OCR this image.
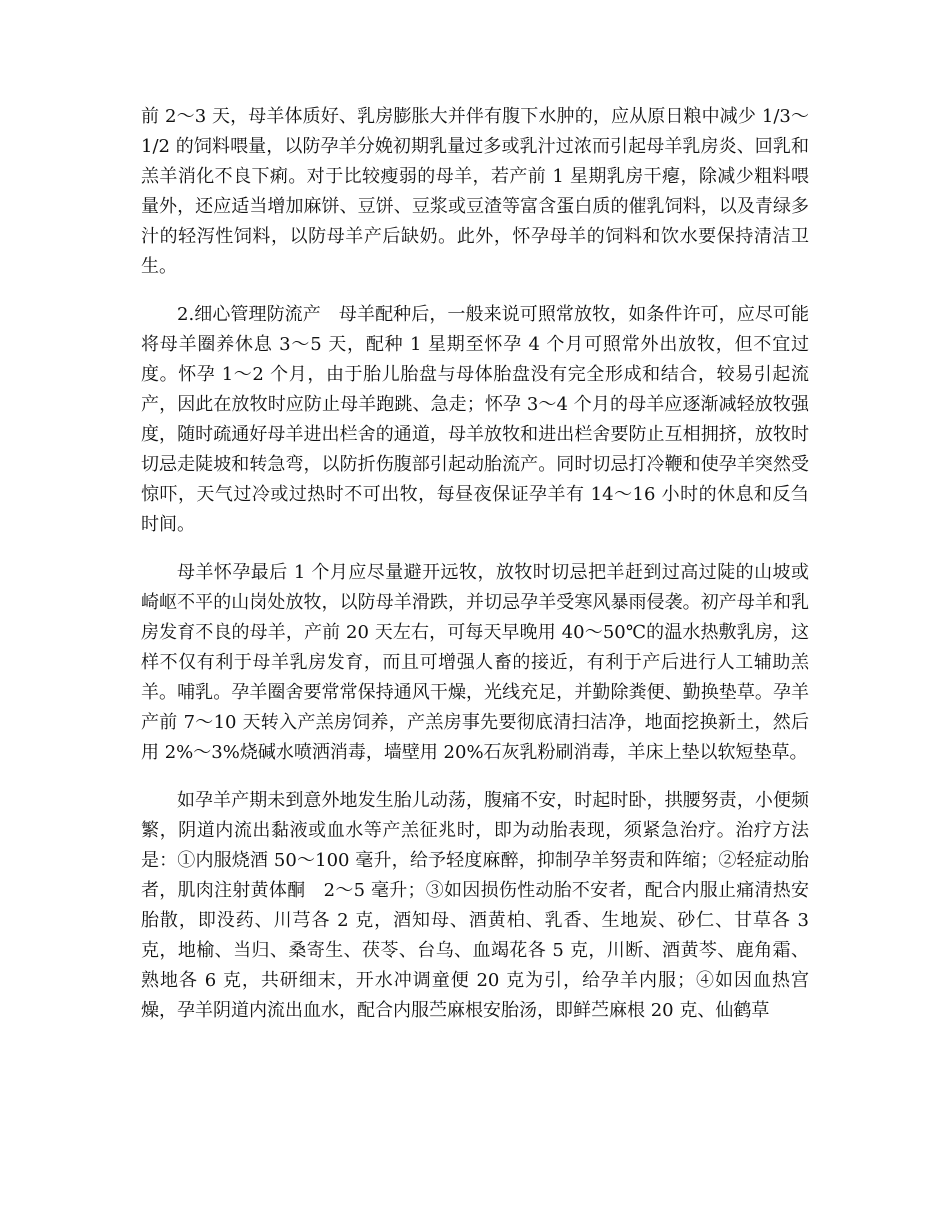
前 2～3 天，母羊体质好、乳房膨胀大并伴有腹下水肿的，应从原日粮中减少 1/3～1/2 的饲料喂量，以防孕羊分娩初期乳量过多或乳汁过浓而引起母羊乳房炎、回乳和羔羊消化不良下痢。对于比较瘦弱的母羊，若产前 1 星期乳房干瘪，除减少粗料喂量外，还应适当增加麻饼、豆饼、豆浆或豆渣等富含蛋白质的催乳饲料，以及青绿多汁的轻泻性饲料，以防母羊产后缺奶。此外，怀孕母羊的饲料和饮水要保持清洁卫生。

2.细心管理防流产　母羊配种后，一般来说可照常放牧，如条件许可，应尽可能将母羊圈养休息 3～5 天，配种 1 星期至怀孕 4 个月可照常外出放牧，但不宜过度。怀孕 1～2 个月，由于胎儿胎盘与母体胎盘没有完全形成和结合，较易引起流产，因此在放牧时应防止母羊跑跳、急走；怀孕 3～4 个月的母羊应逐渐减轻放牧强度，随时疏通好母羊进出栏舍的通道，母羊放牧和进出栏舍要防止互相拥挤，放牧时切忌走陡坡和转急弯，以防折伤腹部引起动胎流产。同时切忌打冷鞭和使孕羊突然受惊吓，天气过冷或过热时不可出牧，每昼夜保证孕羊有 14～16 小时的休息和反刍时间。

母羊怀孕最后 1 个月应尽量避开远牧，放牧时切忌把羊赶到过高过陡的山坡或崎岖不平的山岗处放牧，以防母羊滑跌，并切忌孕羊受寒风暴雨侵袭。初产母羊和乳房发育不良的母羊，产前 20 天左右，可每天早晚用 40～50℃的温水热敷乳房，这样不仅有利于母羊乳房发育，而且可增强人畜的接近，有利于产后进行人工辅助羔羊。哺乳。孕羊圈舍要常常保持通风干燥，光线充足，并勤除粪便、勤换垫草。孕羊产前 7～10 天转入产羔房饲养，产羔房事先要彻底清扫洁净，地面挖换新土，然后用 2%～3%烧碱水喷洒消毒，墙壁用 20%石灰乳粉刷消毒，羊床上垫以软短垫草。

如孕羊产期未到意外地发生胎儿动荡，腹痛不安，时起时卧，拱腰努责，小便频繁，阴道内流出黏液或血水等产羔征兆时，即为动胎表现，须紧急治疗。治疗方法是：①内服烧酒 50～100 毫升，给予轻度麻醉，抑制孕羊努责和阵缩；②轻症动胎者，肌肉注射黄体酮　2～5 毫升；③如因损伤性动胎不安者，配合内服止痛清热安胎散，即没药、川芎各 2 克，酒知母、酒黄柏、乳香、生地炭、砂仁、甘草各 3 克，地榆、当归、桑寄生、茯苓、台乌、血竭花各 5 克，川断、酒黄芩、鹿角霜、熟地各 6 克，共研细末，开水冲调童便 20 克为引，给孕羊内服；④如因血热宫燥，孕羊阴道内流出血水，配合内服苎麻根安胎汤，即鲜苎麻根 20 克、仙鹤草
